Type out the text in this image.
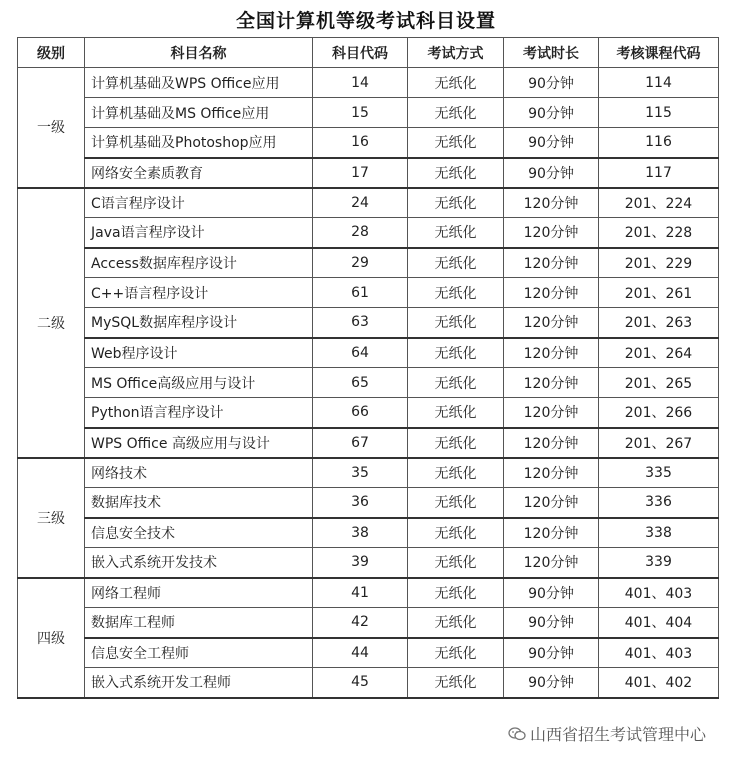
全国计算机等级考试科目设置
级别	科目名称	科目代码	考试方式	考试时长	考核课程代码
一级	计算机基础及WPS Office应用	14	无纸化	90分钟	114
	计算机基础及MS Office应用	15	无纸化	90分钟	115
	计算机基础及Photoshop应用	16	无纸化	90分钟	116
	网络安全素质教育	17	无纸化	90分钟	117
二级	C语言程序设计	24	无纸化	120分钟	201、224
	Java语言程序设计	28	无纸化	120分钟	201、228
	Access数据库程序设计	29	无纸化	120分钟	201、229
	C++语言程序设计	61	无纸化	120分钟	201、261
	MySQL数据库程序设计	63	无纸化	120分钟	201、263
	Web程序设计	64	无纸化	120分钟	201、264
	MS Office高级应用与设计	65	无纸化	120分钟	201、265
	Python语言程序设计	66	无纸化	120分钟	201、266
	WPS Office 高级应用与设计	67	无纸化	120分钟	201、267
三级	网络技术	35	无纸化	120分钟	335
	数据库技术	36	无纸化	120分钟	336
	信息安全技术	38	无纸化	120分钟	338
	嵌入式系统开发技术	39	无纸化	120分钟	339
四级	网络工程师	41	无纸化	90分钟	401、403
	数据库工程师	42	无纸化	90分钟	401、404
	信息安全工程师	44	无纸化	90分钟	401、403
	嵌入式系统开发工程师	45	无纸化	90分钟	401、402
山西省招生考试管理中心
